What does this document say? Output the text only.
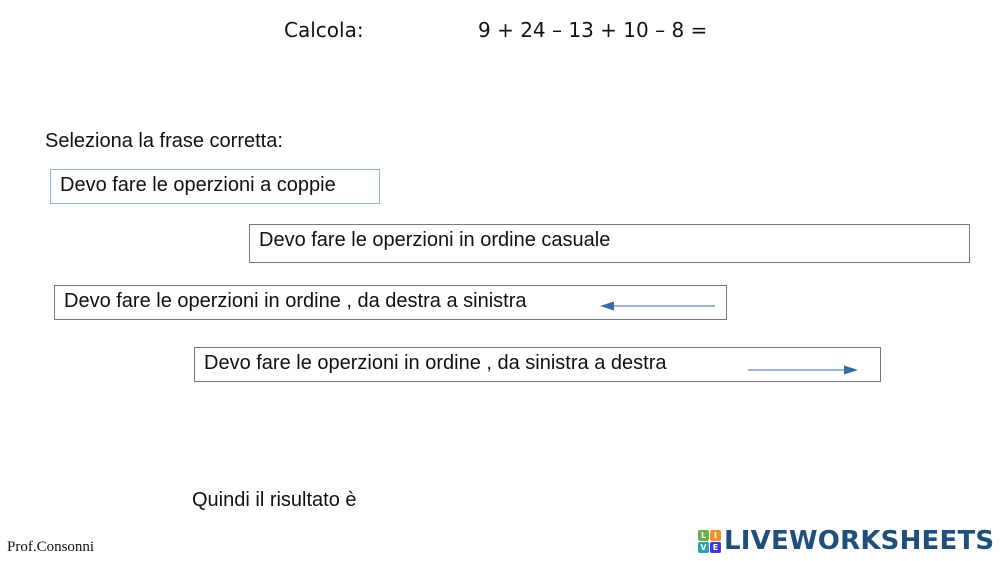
Calcola:	9 + 24 – 13 + 10 – 8 =
Seleziona la frase corretta:
Devo fare le operzioni a coppie
Devo fare le operzioni in ordine casuale
Devo fare le operzioni in ordine , da destra a sinistra
Devo fare le operzioni in ordine , da sinistra a destra
Quindi il risultato è
Prof.Consonni
L I
V E LIVEWORKSHEETS
